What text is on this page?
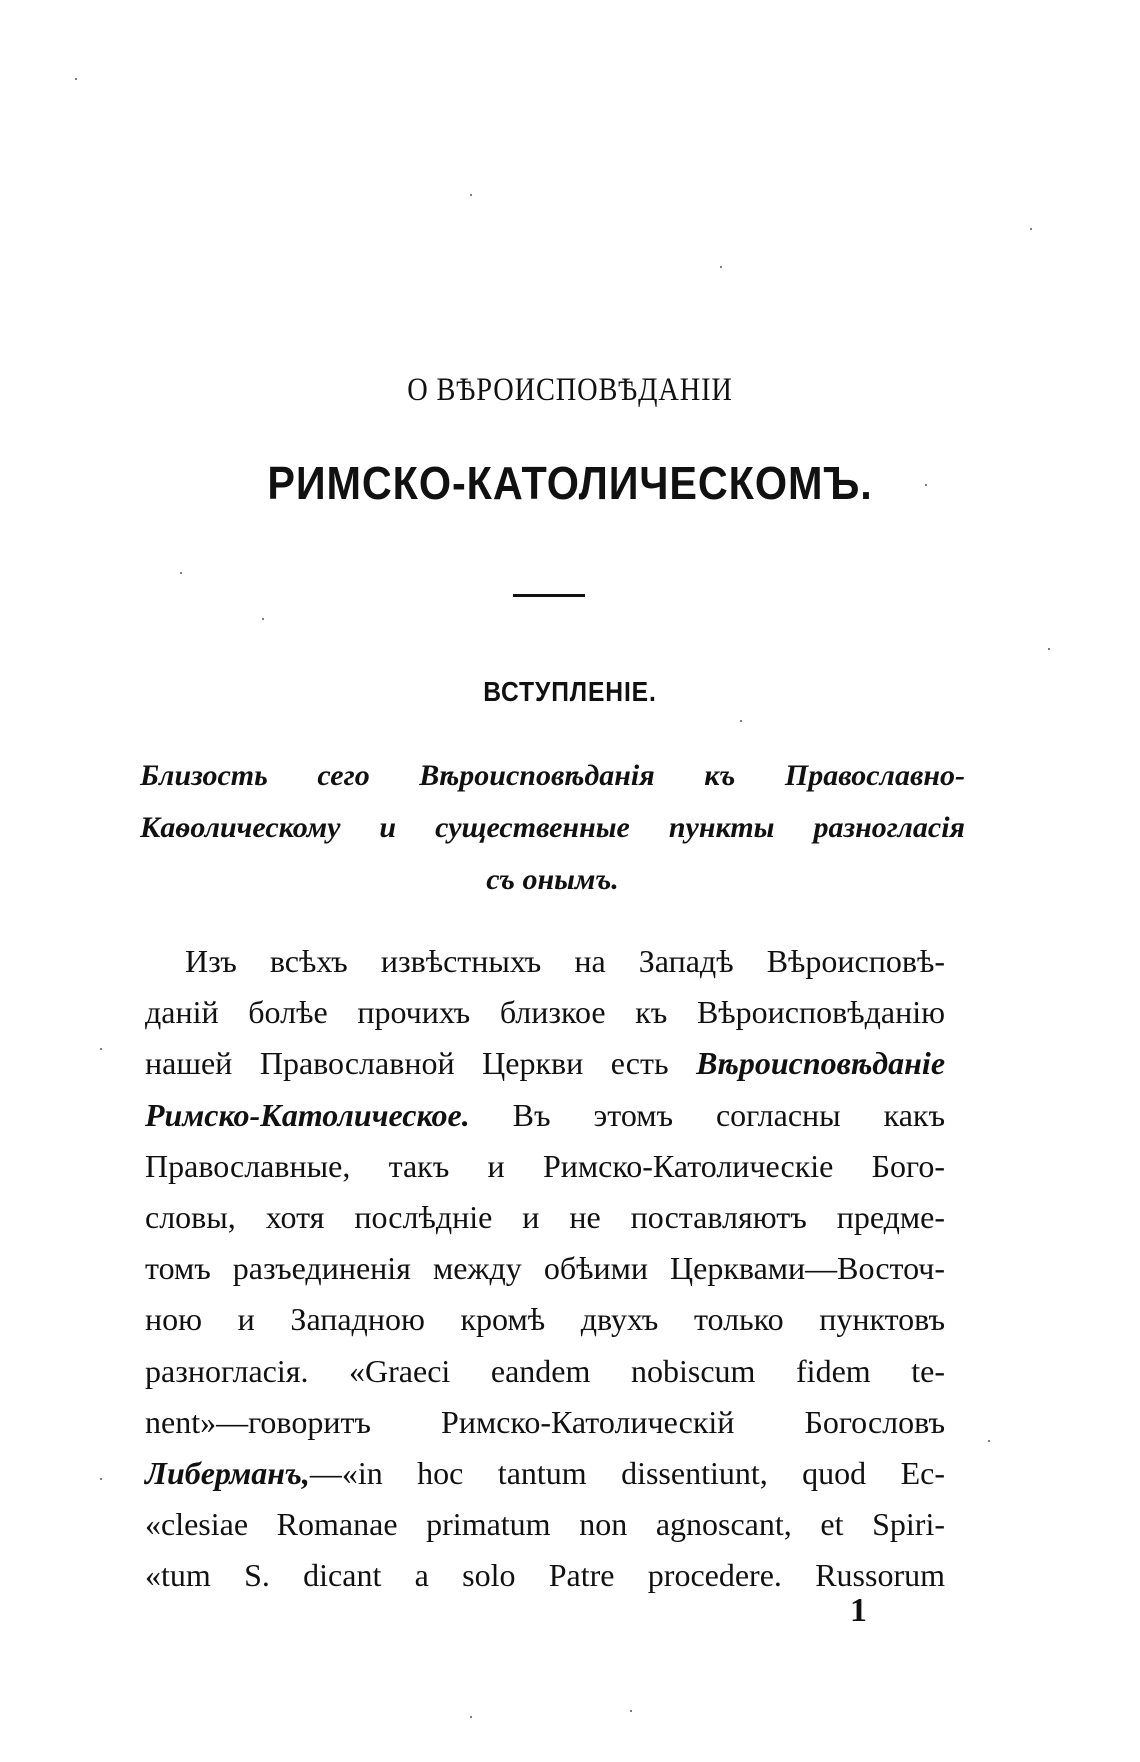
О ВѢРОИСПОВѢДАНІИ
РИМСКО-КАТОЛИЧЕСКОМЪ.
ВСТУПЛЕНІЕ.
Близость сего Вѣроисповѣданія къ Православно-
Каѳолическому и существенные пункты разногласія
съ онымъ.
Изъ всѣхъ извѣстныхъ на Западѣ Вѣроисповѣ-
даній болѣе прочихъ близкое къ Вѣроисповѣданію
нашей Православной Церкви есть Вѣроисповѣданіе
Римско-Католическое. Въ этомъ согласны какъ
Православные, такъ и Римско-Католическіе Бого-
словы, хотя послѣдніе и не поставляютъ предме-
томъ разъединенія между обѣими Церквами—Восточ-
ною и Западною кромѣ двухъ только пунктовъ
разногласія. «Graeci eandem nobiscum fidem te-
nent»—говоритъ Римско-Католическій Богословъ
Либерманъ,—«in hoc tantum dissentiunt, quod Ec-
«clesiae Romanae primatum non agnoscant, et Spiri-
«tum S. dicant a solo Patre procedere. Russorum
1
